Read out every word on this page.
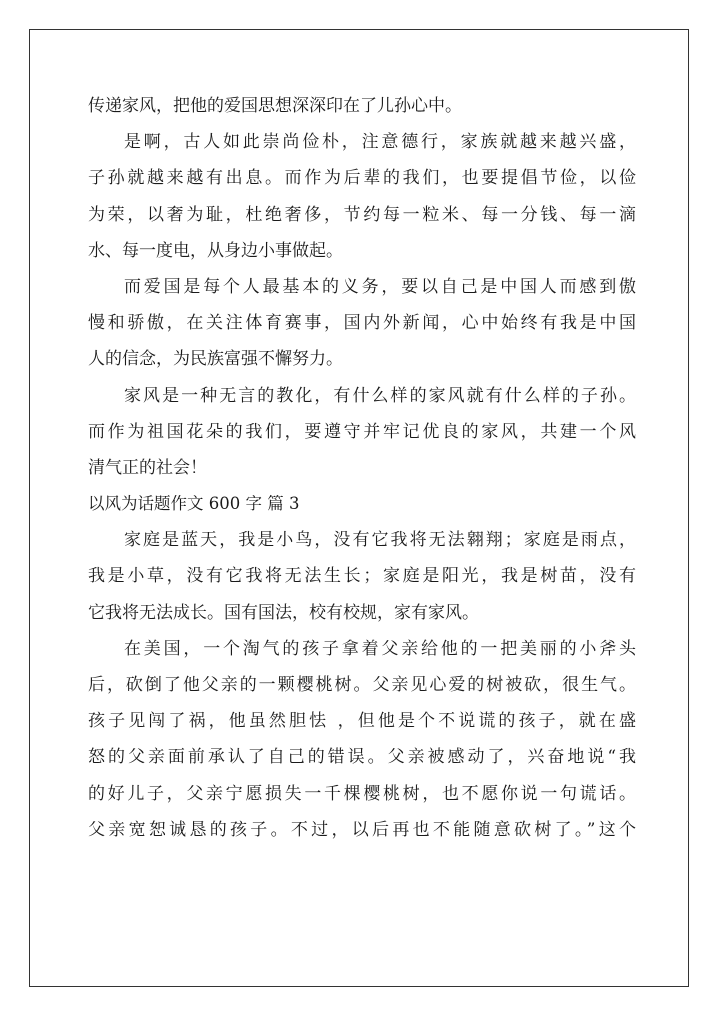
传递家风，把他的爱国思想深深印在了儿孙心中。
是啊，古人如此崇尚俭朴，注意德行，家族就越来越兴盛，
子孙就越来越有出息。而作为后辈的我们，也要提倡节俭，以俭
为荣，以奢为耻，杜绝奢侈，节约每一粒米、每一分钱、每一滴
水、每一度电，从身边小事做起。
而爱国是每个人最基本的义务，要以自己是中国人而感到傲
慢和骄傲，在关注体育赛事，国内外新闻，心中始终有我是中国
人的信念，为民族富强不懈努力。
家风是一种无言的教化，有什么样的家风就有什么样的子孙。
而作为祖国花朵的我们，要遵守并牢记优良的家风，共建一个风
清气正的社会！
以风为话题作文 600 字 篇 3
家庭是蓝天，我是小鸟，没有它我将无法翱翔；家庭是雨点，
我是小草，没有它我将无法生长；家庭是阳光，我是树苗，没有
它我将无法成长。国有国法，校有校规，家有家风。
在美国，一个淘气的孩子拿着父亲给他的一把美丽的小斧头
后，砍倒了他父亲的一颗樱桃树。父亲见心爱的树被砍，很生气。
孩子见闯了祸，他虽然胆怯 ，但他是个不说谎的孩子，就在盛
怒的父亲面前承认了自己的错误。父亲被感动了，兴奋地说“我
的好儿子，父亲宁愿损失一千棵樱桃树，也不愿你说一句谎话。
父亲宽恕诚恳的孩子。不过，以后再也不能随意砍树了。”这个
